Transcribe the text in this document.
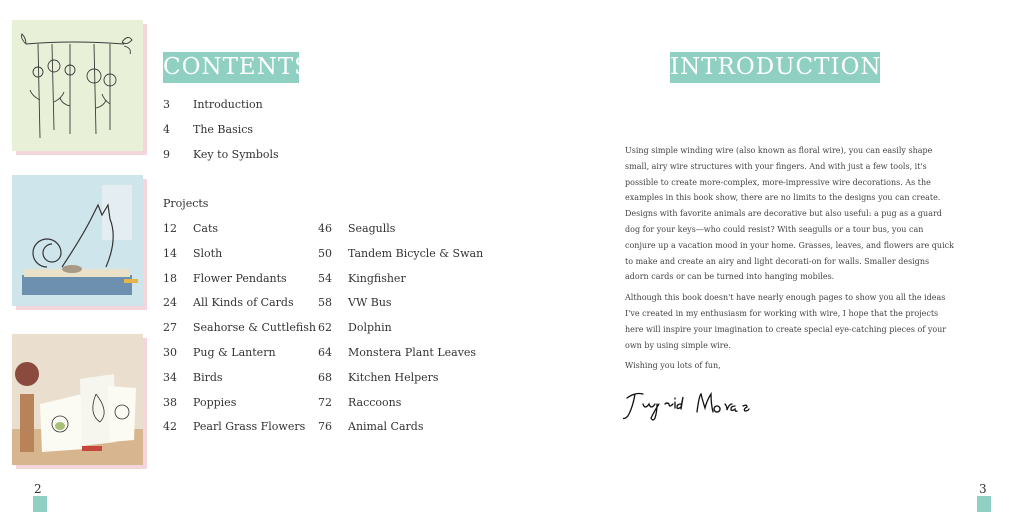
CONTENTS
3 Introduction
4 The Basics
9 Key to Symbols
Projects
12 Cats
14 Sloth
18 Flower Pendants
24 All Kinds of Cards
27 Seahorse & Cuttlefish
30 Pug & Lantern
34 Birds
38 Poppies
42 Pearl Grass Flowers
46 Seagulls
50 Tandem Bicycle & Swan
54 Kingfisher
58 VW Bus
62 Dolphin
64 Monstera Plant Leaves
68 Kitchen Helpers
72 Raccoons
76 Animal Cards
INTRODUCTION

Using simple winding wire (also known as floral wire), you can easily shape small, airy wire structures with your fingers. And with just a few tools, it's possible to create more-complex, more-impressive wire decorations. As the examples in this book show, there are no limits to the designs you can create. Designs with favorite animals are decorative but also useful: a pug as a guard dog for your keys—who could resist? With seagulls or a tour bus, you can conjure up a vacation mood in your home. Grasses, leaves, and flowers are quick to make and create an airy and light decorati-on for walls. Smaller designs adorn cards or can be turned into hanging mobiles.

Although this book doesn't have nearly enough pages to show you all the ideas I've created in my enthusiasm for working with wire, I hope that the projects here will inspire your imagination to create special eye-catching pieces of your own by using simple wire.

Wishing you lots of fun,

2	3
